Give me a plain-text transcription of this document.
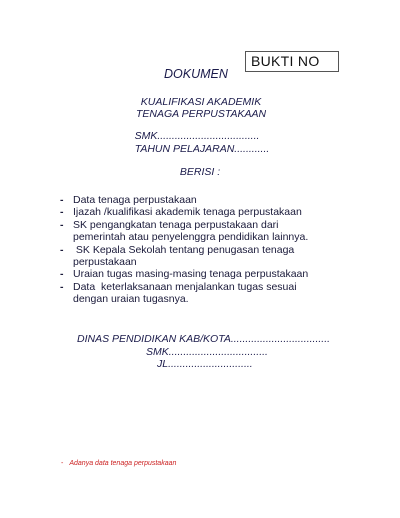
BUKTI NO
DOKUMEN
KUALIFIKASI AKADEMIK
TENAGA PERPUSTAKAAN
SMK...................................
TAHUN PELAJARAN............
BERISI :
- Data tenaga perpustakaan
- Ijazah /kualifikasi akademik tenaga perpustakaan
- SK pengangkatan tenaga perpustakaan dari
pemerintah atau penyelenggra pendidikan lainnya.
- SK Kepala Sekolah tentang penugasan tenaga
perpustakaan
- Uraian tugas masing-masing tenaga perpustakaan
- Data  keterlaksanaan menjalankan tugas sesuai
dengan uraian tugasnya.
DINAS PENDIDIKAN KAB/KOTA..................................
SMK..................................
JL.............................
- Adanya data tenaga perpustakaan
